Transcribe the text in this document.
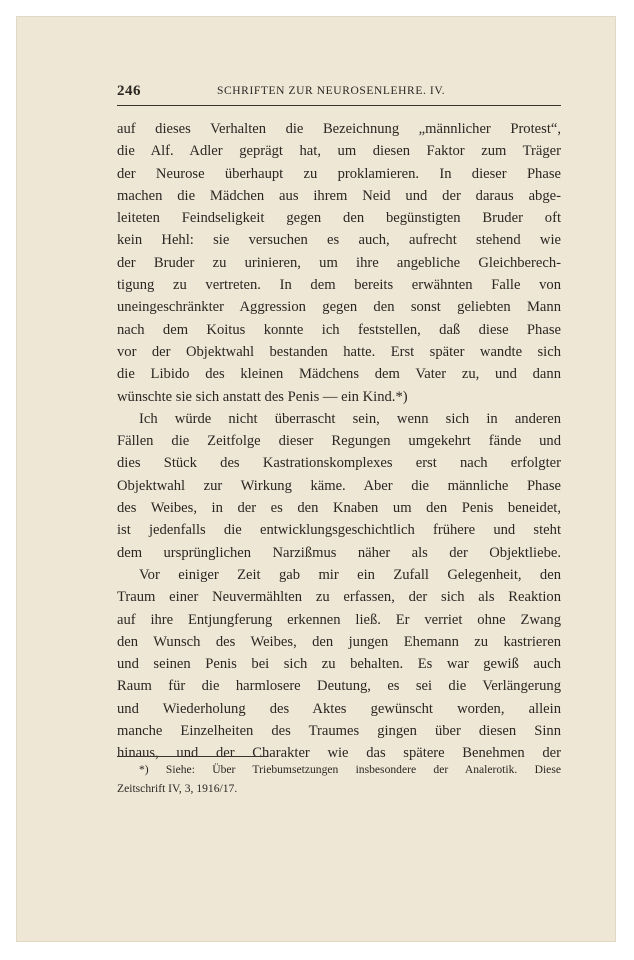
246	SCHRIFTEN ZUR NEUROSENLEHRE. IV.
auf dieses Verhalten die Bezeichnung „männlicher Protest“,
die Alf. Adler geprägt hat, um diesen Faktor zum Träger
der Neurose überhaupt zu proklamieren. In dieser Phase
machen die Mädchen aus ihrem Neid und der daraus abge-
leiteten Feindseligkeit gegen den begünstigten Bruder oft
kein Hehl: sie versuchen es auch, aufrecht stehend wie
der Bruder zu urinieren, um ihre angebliche Gleichberech-
tigung zu vertreten. In dem bereits erwähnten Falle von
uneingeschränkter Aggression gegen den sonst geliebten Mann
nach dem Koitus konnte ich feststellen, daß diese Phase
vor der Objektwahl bestanden hatte. Erst später wandte sich
die Libido des kleinen Mädchens dem Vater zu, und dann
wünschte sie sich anstatt des Penis — ein Kind.*)
Ich würde nicht überrascht sein, wenn sich in anderen
Fällen die Zeitfolge dieser Regungen umgekehrt fände und
dies Stück des Kastrationskomplexes erst nach erfolgter
Objektwahl zur Wirkung käme. Aber die männliche Phase
des Weibes, in der es den Knaben um den Penis beneidet,
ist jedenfalls die entwicklungsgeschichtlich frühere und steht
dem ursprünglichen Narzißmus näher als der Objektliebe.
Vor einiger Zeit gab mir ein Zufall Gelegenheit, den
Traum einer Neuvermählten zu erfassen, der sich als Reaktion
auf ihre Entjungferung erkennen ließ. Er verriet ohne Zwang
den Wunsch des Weibes, den jungen Ehemann zu kastrieren
und seinen Penis bei sich zu behalten. Es war gewiß auch
Raum für die harmlosere Deutung, es sei die Verlängerung
und Wiederholung des Aktes gewünscht worden, allein
manche Einzelheiten des Traumes gingen über diesen Sinn
hinaus, und der Charakter wie das spätere Benehmen der
*) Siehe: Über Triebumsetzungen insbesondere der Analerotik. Diese
Zeitschrift IV, 3, 1916/17.
